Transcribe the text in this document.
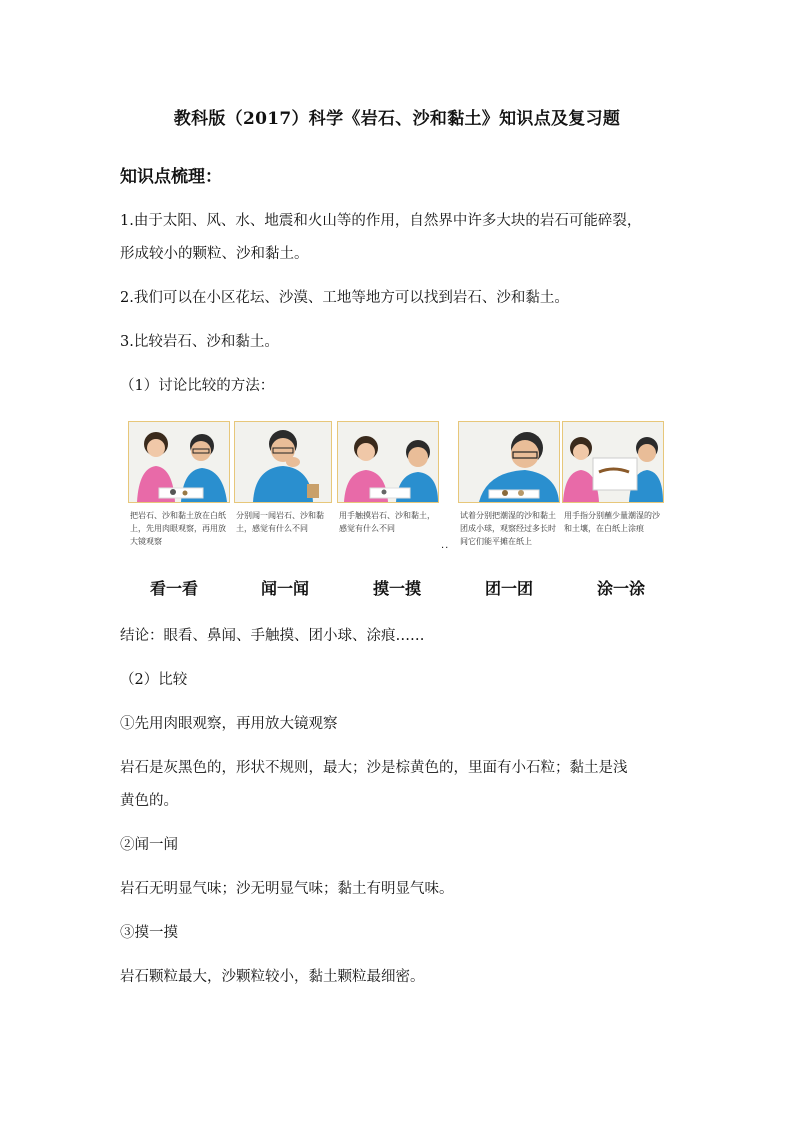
教科版（2017）科学《岩石、沙和黏土》知识点及复习题
知识点梳理：
1.由于太阳、风、水、地震和火山等的作用，自然界中许多大块的岩石可能碎裂，
形成较小的颗粒、沙和黏土。
2.我们可以在小区花坛、沙漠、工地等地方可以找到岩石、沙和黏土。
3.比较岩石、沙和黏土。
（1）讨论比较的方法：
把岩石、沙和黏土放在白纸上，先用肉眼观察，再用放大镜观察
分别闻一闻岩石、沙和黏土，感觉有什么不同
用手触摸岩石、沙和黏土，感觉有什么不同
试着分别把潮湿的沙和黏土团成小球，观察经过多长时间它们能平摊在纸上
用手指分别蘸少量潮湿的沙和土壤，在白纸上涂痕
··
看一看	闻一闻	摸一摸	团一团	涂一涂
结论：眼看、鼻闻、手触摸、团小球、涂痕……
（2）比较
①先用肉眼观察，再用放大镜观察
岩石是灰黑色的，形状不规则，最大；沙是棕黄色的，里面有小石粒；黏土是浅
黄色的。
②闻一闻
岩石无明显气味；沙无明显气味；黏土有明显气味。
③摸一摸
岩石颗粒最大，沙颗粒较小，黏土颗粒最细密。
